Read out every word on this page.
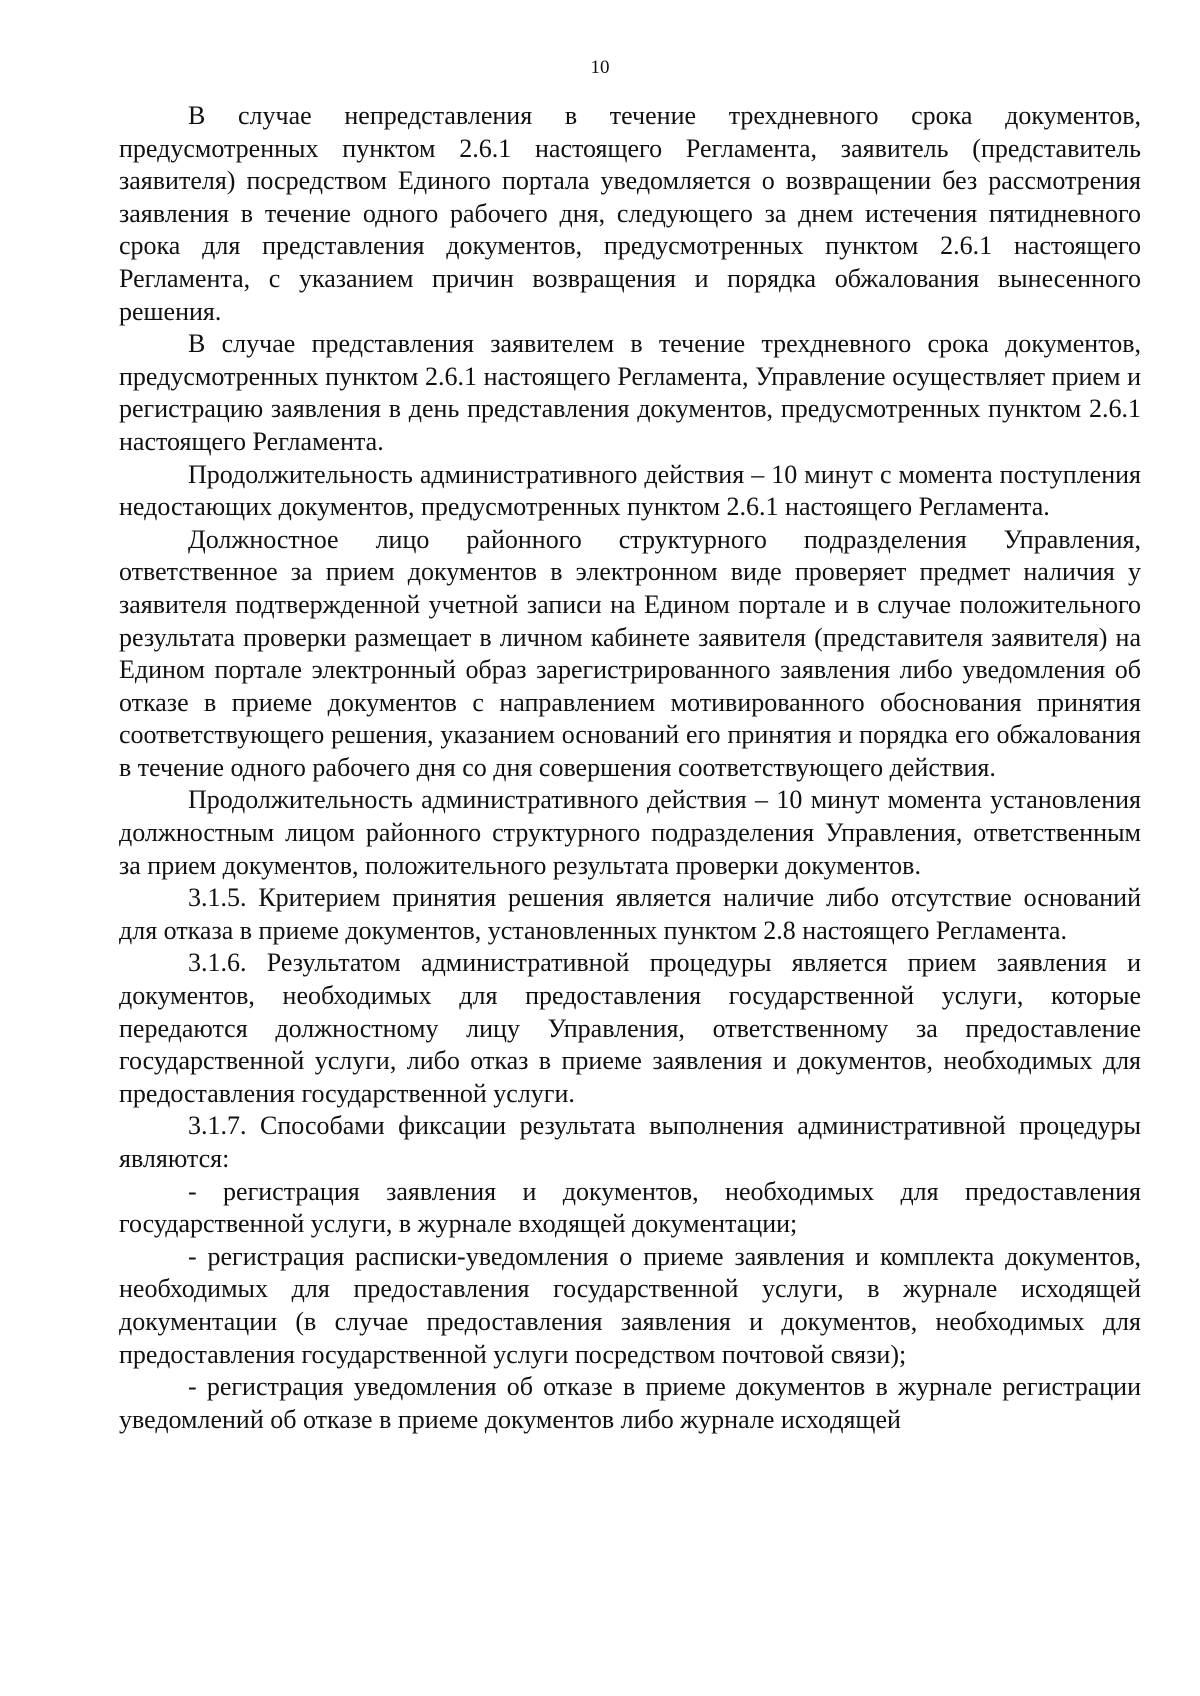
10

В случае непредставления в течение трехдневного срока документов, предусмотренных пунктом 2.6.1 настоящего Регламента, заявитель (представитель заявителя) посредством Единого портала уведомляется о возвращении без рассмотрения заявления в течение одного рабочего дня, следующего за днем истечения пятидневного срока для представления документов, предусмотренных пунктом 2.6.1 настоящего Регламента, с указанием причин возвращения и порядка обжалования вынесенного решения.

В случае представления заявителем в течение трехдневного срока документов, предусмотренных пунктом 2.6.1 настоящего Регламента, Управление осуществляет прием и регистрацию заявления в день представления документов, предусмотренных пунктом 2.6.1 настоящего Регламента.

Продолжительность административного действия – 10 минут с момента поступления недостающих документов, предусмотренных пунктом 2.6.1 настоящего Регламента.

Должностное лицо районного структурного подразделения Управления, ответственное за прием документов в электронном виде проверяет предмет наличия у заявителя подтвержденной учетной записи на Едином портале и в случае положительного результата проверки размещает в личном кабинете заявителя (представителя заявителя) на Едином портале электронный образ зарегистрированного заявления либо уведомления об отказе в приеме документов с направлением мотивированного обоснования принятия соответствующего решения, указанием оснований его принятия и порядка его обжалования в течение одного рабочего дня со дня совершения соответствующего действия.

Продолжительность административного действия – 10 минут момента установления должностным лицом районного структурного подразделения Управления, ответственным за прием документов, положительного результата проверки документов.

3.1.5. Критерием принятия решения является наличие либо отсутствие оснований для отказа в приеме документов, установленных пунктом 2.8 настоящего Регламента.

3.1.6. Результатом административной процедуры является прием заявления и документов, необходимых для предоставления государственной услуги, которые передаются должностному лицу Управления, ответственному за предоставление государственной услуги, либо отказ в приеме заявления и документов, необходимых для предоставления государственной услуги.

3.1.7. Способами фиксации результата выполнения административной процедуры являются:

- регистрация заявления и документов, необходимых для предоставления государственной услуги, в журнале входящей документации;

- регистрация расписки-уведомления о приеме заявления и комплекта документов, необходимых для предоставления государственной услуги, в журнале исходящей документации (в случае предоставления заявления и документов, необходимых для предоставления государственной услуги посредством почтовой связи);

- регистрация уведомления об отказе в приеме документов в журнале регистрации уведомлений об отказе в приеме документов либо журнале исходящей
